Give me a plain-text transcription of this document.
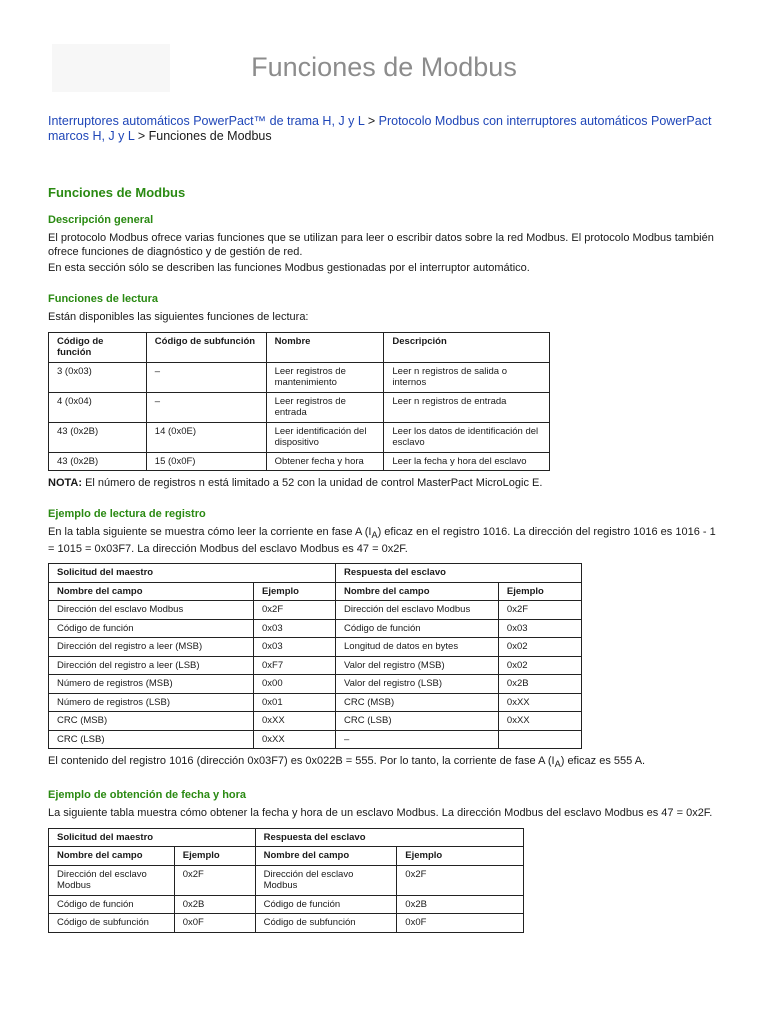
Funciones de Modbus
Interruptores automáticos PowerPact™ de trama H, J y L > Protocolo Modbus con interruptores automáticos PowerPact marcos H, J y L > Funciones de Modbus
Funciones de Modbus
Descripción general

El protocolo Modbus ofrece varias funciones que se utilizan para leer o escribir datos sobre la red Modbus. El protocolo Modbus también ofrece funciones de diagnóstico y de gestión de red.

En esta sección sólo se describen las funciones Modbus gestionadas por el interruptor automático.

Funciones de lectura

Están disponibles las siguientes funciones de lectura:

Código de función	Código de subfunción	Nombre	Descripción
3 (0x03)	–	Leer registros de mantenimiento	Leer n registros de salida o internos
4 (0x04)	–	Leer registros de entrada	Leer n registros de entrada
43 (0x2B)	14 (0x0E)	Leer identificación del dispositivo	Leer los datos de identificación del esclavo
43 (0x2B)	15 (0x0F)	Obtener fecha y hora	Leer la fecha y hora del esclavo

NOTA: El número de registros n está limitado a 52 con la unidad de control MasterPact MicroLogic E.

Ejemplo de lectura de registro

En la tabla siguiente se muestra cómo leer la corriente en fase A $(I_A)$ eficaz en el registro 1016. La dirección del registro 1016 es 1016 - 1 = 1015 = 0x03F7. La dirección Modbus del esclavo Modbus es 47 = 0x2F.

Solicitud del maestro		Respuesta del esclavo	
Nombre del campo	Ejemplo	Nombre del campo	Ejemplo
Dirección del esclavo Modbus	0x2F	Dirección del esclavo Modbus	0x2F
Código de función	0x03	Código de función	0x03
Dirección del registro a leer (MSB)	0x03	Longitud de datos en bytes	0x02
Dirección del registro a leer (LSB)	0xF7	Valor del registro (MSB)	0x02
Número de registros (MSB)	0x00	Valor del registro (LSB)	0x2B
Número de registros (LSB)	0x01	CRC (MSB)	0xXX
CRC (MSB)	0xXX	CRC (LSB)	0xXX
CRC (LSB)	0xXX	–	

El contenido del registro 1016 (dirección 0x03F7) es 0x022B = 555. Por lo tanto, la corriente de fase A $(I_A)$ eficaz es 555 A.

Ejemplo de obtención de fecha y hora

La siguiente tabla muestra cómo obtener la fecha y hora de un esclavo Modbus. La dirección Modbus del esclavo Modbus es 47 = 0x2F.

Solicitud del maestro		Respuesta del esclavo	
Nombre del campo	Ejemplo	Nombre del campo	Ejemplo
Dirección del esclavo Modbus	0x2F	Dirección del esclavo Modbus	0x2F
Código de función	0x2B	Código de función	0x2B
Código de subfunción	0x0F	Código de subfunción	0x0F
